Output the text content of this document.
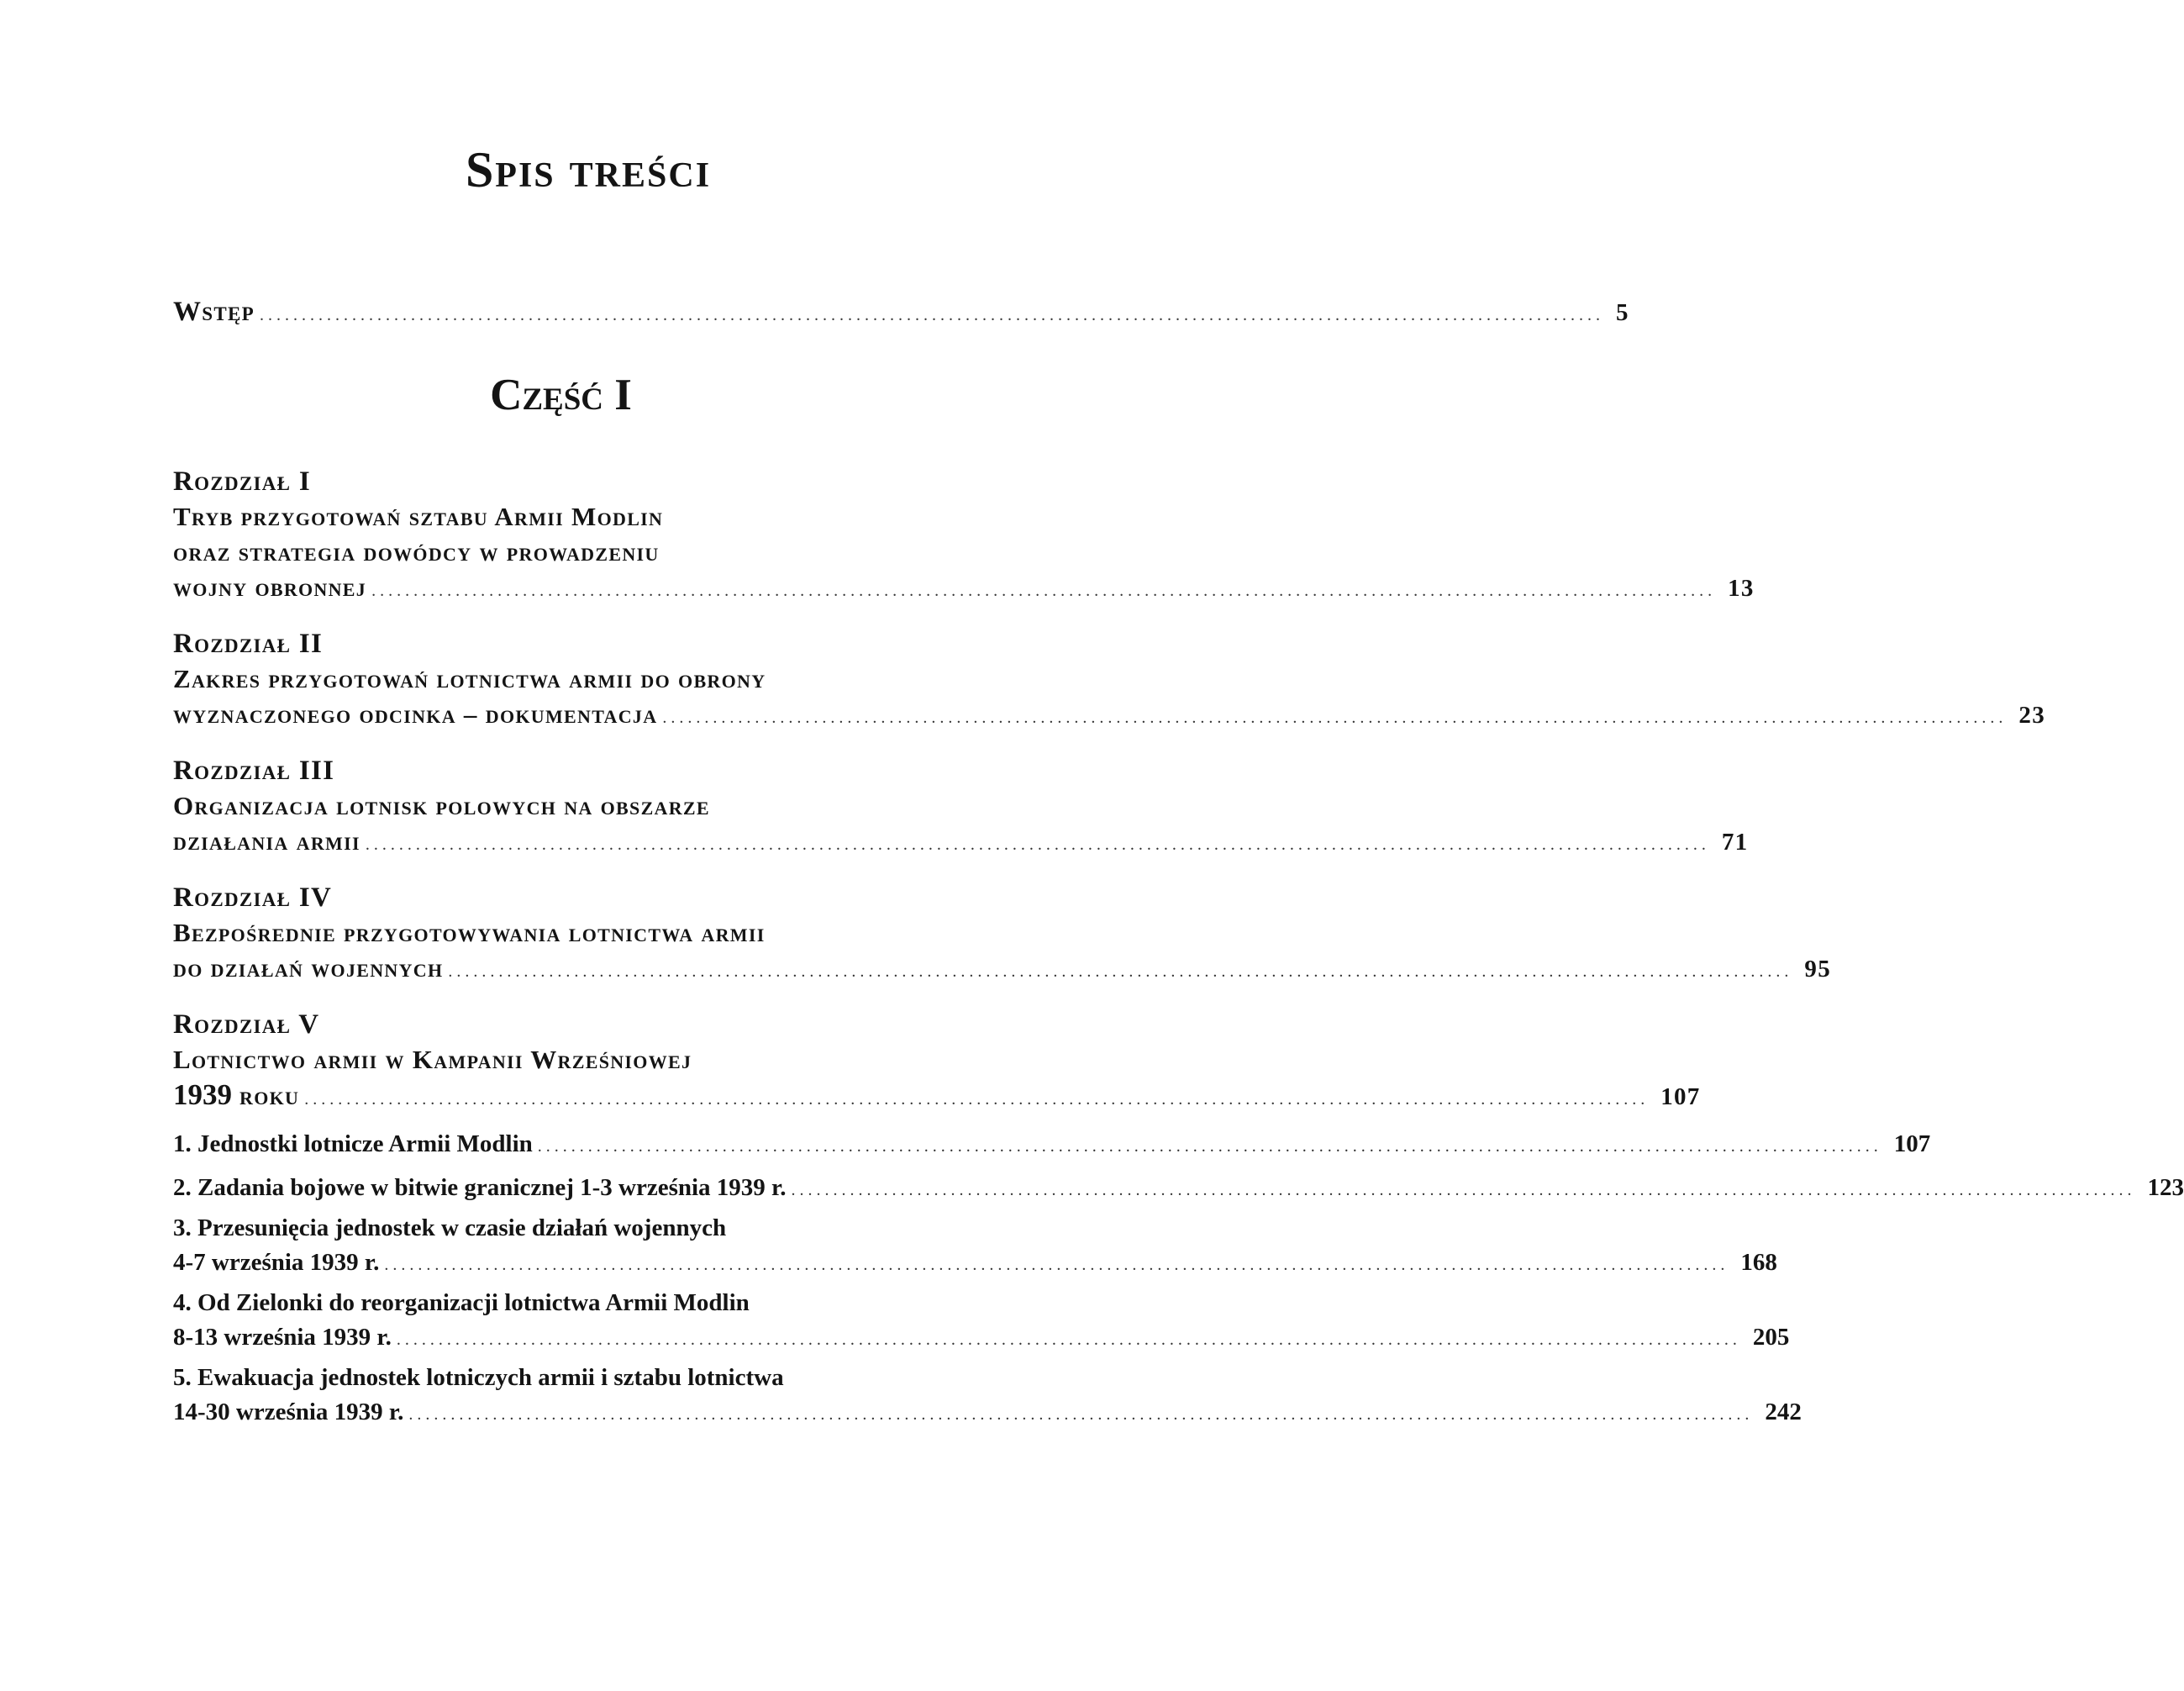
Spis treści
Wstęp ................................................................................................................................................................ 5
Część I
Rozdział I
Tryb przygotowań sztabu Armii Modlin
oraz strategia dowódcy w prowadzeniu
wojny obronnej ................................................................................................................................................................ 13
Rozdział II
Zakres przygotowań lotnictwa armii do obrony
wyznaczonego odcinka – dokumentacja ................................................................................................................................................................ 23
Rozdział III
Organizacja lotnisk polowych na obszarze
działania armii ................................................................................................................................................................ 71
Rozdział IV
Bezpośrednie przygotowywania lotnictwa armii
do działań wojennych ................................................................................................................................................................ 95
Rozdział V
Lotnictwo armii w Kampanii Wrześniowej
1939 roku ................................................................................................................................................................ 107
1. Jednostki lotnicze Armii Modlin ................................................................................................................................................................ 107
2. Zadania bojowe w bitwie granicznej 1-3 września 1939 r. ................................................................................................................................................................ 123
3. Przesunięcia jednostek w czasie działań wojennych
4-7 września 1939 r. ................................................................................................................................................................ 168
4. Od Zielonki do reorganizacji lotnictwa Armii Modlin
8-13 września 1939 r. ................................................................................................................................................................ 205
5. Ewakuacja jednostek lotniczych armii i sztabu lotnictwa
14-30 września 1939 r. ................................................................................................................................................................ 242
